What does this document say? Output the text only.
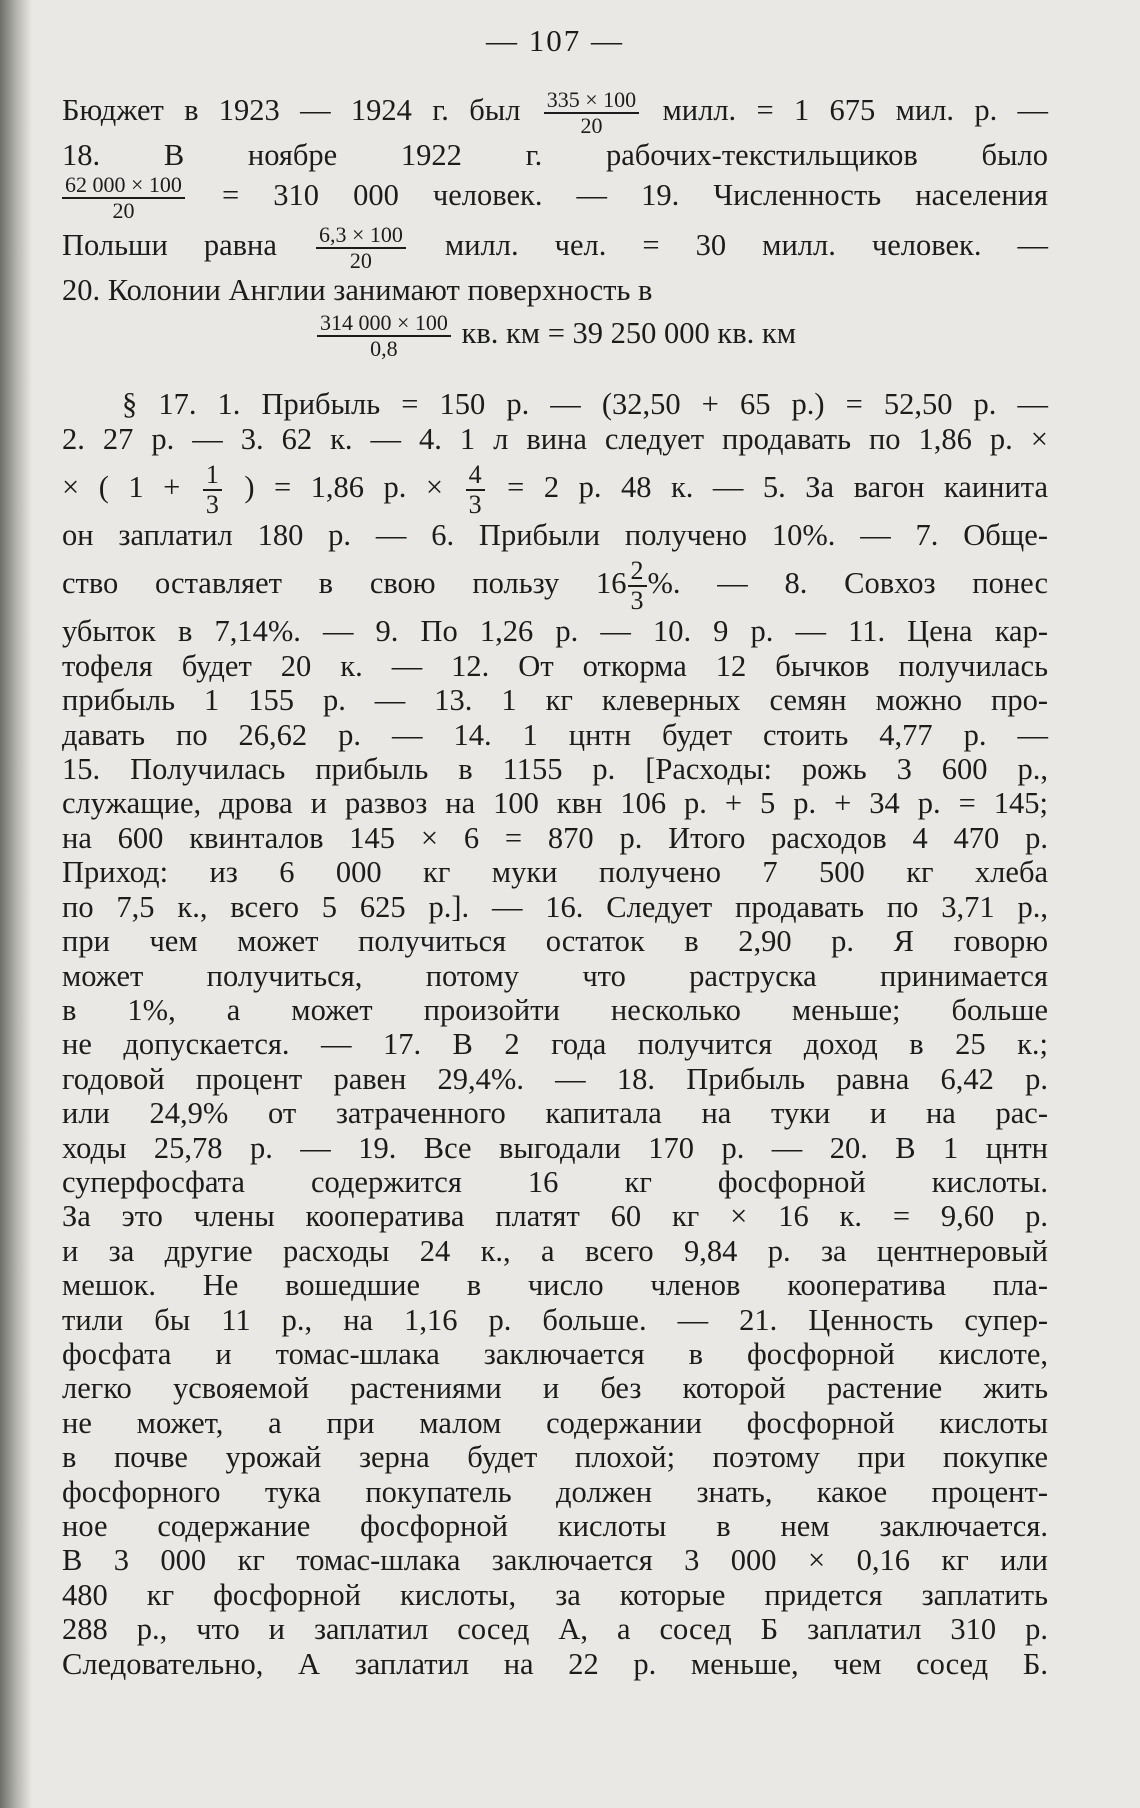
— 107 —
Бюджет в 1923 — 1924 г. был $\frac{335 \times 100}{20}$ милл. = 1 675 мил. р. —
18. В ноябре 1922 г. рабочих-текстильщиков было
$\frac{62 000 \times 100}{20} = 310$ 000 человек. — 19. Численность населения
Польши равна $\frac{6,3 \times 100}{20}$ милл. чел. = 30 милл. человек. —
20. Колонии Англии занимают поверхность в
$\frac{314 000 \times 100}{0,8}$ кв. км = 39 250 000 кв. км
§ 17. 1. Прибыль = 150 р. — (32,50 + 65 р.) = 52,50 р. —
2. 27 р. — 3. 62 к. — 4. 1 л вина следует продавать по 1,86 р. ×
× ( $1 + \frac{1}{3}$ ) = 1,86 р. × $\frac{4}{3} = 2$ р. 48 к. — 5. За вагон каинита
он заплатил 180 р. — 6. Прибыли получено 10%. — 7. Обще-
ство оставляет в свою пользу $16 \frac{2}{3}$ %. — 8. Совхоз понес
убыток в 7,14%. — 9. По 1,26 р. — 10. 9 р. — 11. Цена кар-
тофеля будет 20 к. — 12. От откорма 12 бычков получилась
прибыль 1 155 р. — 13. 1 кг клеверных семян можно про-
давать по 26,62 р. — 14. 1 цнтн будет стоить 4,77 р. —
15. Получилась прибыль в 1155 р. [Расходы: рожь 3 600 р.,
служащие, дрова и развоз на 100 квн 106 р. + 5 р. + 34 р. = 145;
на 600 квинталов 145 × 6 = 870 р. Итого расходов 4 470 р.
Приход: из 6 000 кг муки получено 7 500 кг хлеба
по 7,5 к., всего 5 625 р.]. — 16. Следует продавать по 3,71 р.,
при чем может получиться остаток в 2,90 р. Я говорю
может получиться, потому что раструска принимается
в 1%, а может произойти несколько меньше; больше
не допускается. — 17. В 2 года получится доход в 25 к.;
годовой процент равен 29,4%. — 18. Прибыль равна 6,42 р.
или 24,9% от затраченного капитала на туки и на рас-
ходы 25,78 р. — 19. Все выгодали 170 р. — 20. В 1 цнтн
суперфосфата содержится 16 кг фосфорной кислоты.
За это члены кооператива платят 60 кг × 16 к. = 9,60 р.
и за другие расходы 24 к., а всего 9,84 р. за центнеровый
мешок. Не вошедшие в число членов кооператива пла-
тили бы 11 р., на 1,16 р. больше. — 21. Ценность супер-
фосфата и томас-шлака заключается в фосфорной кислоте,
легко усвояемой растениями и без которой растение жить
не может, а при малом содержании фосфорной кислоты
в почве урожай зерна будет плохой; поэтому при покупке
фосфорного тука покупатель должен знать, какое процент-
ное содержание фосфорной кислоты в нем заключается.
В 3 000 кг томас-шлака заключается 3 000 × 0,16 кг или
480 кг фосфорной кислоты, за которые придется заплатить
288 р., что и заплатил сосед А, а сосед Б заплатил 310 р.
Следовательно, А заплатил на 22 р. меньше, чем сосед Б.
